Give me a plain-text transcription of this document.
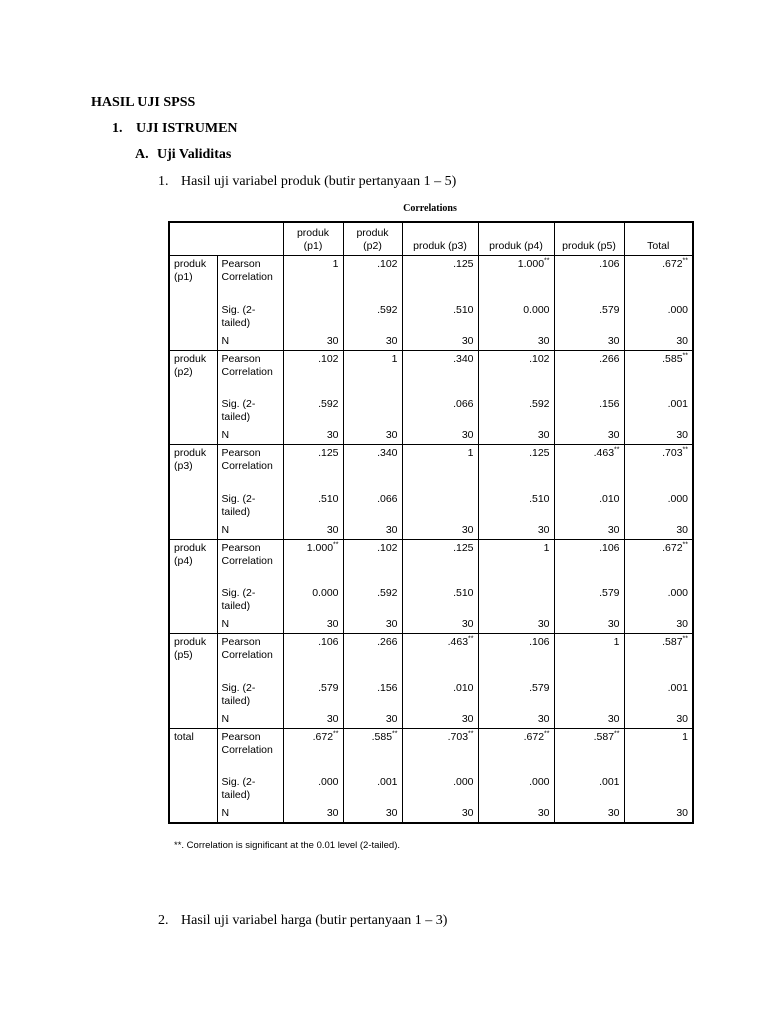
HASIL UJI SPSS
1. UJI ISTRUMEN
A. Uji Validitas
1. Hasil uji variabel produk (butir pertanyaan 1 – 5)
Correlations
		produk (p1)	produk (p2)	produk (p3)	produk (p4)	produk (p5)	Total
produk (p1)	Pearson Correlation	1	.102	.125	1.000**	.106	.672**
	Sig. (2-tailed)		.592	.510	0.000	.579	.000
	N	30	30	30	30	30	30
produk (p2)	Pearson Correlation	.102	1	.340	.102	.266	.585**
	Sig. (2-tailed)	.592		.066	.592	.156	.001
	N	30	30	30	30	30	30
produk (p3)	Pearson Correlation	.125	.340	1	.125	.463**	.703**
	Sig. (2-tailed)	.510	.066		.510	.010	.000
	N	30	30	30	30	30	30
produk (p4)	Pearson Correlation	1.000**	.102	.125	1	.106	.672**
	Sig. (2-tailed)	0.000	.592	.510		.579	.000
	N	30	30	30	30	30	30
produk (p5)	Pearson Correlation	.106	.266	.463**	.106	1	.587**
	Sig. (2-tailed)	.579	.156	.010	.579		.001
	N	30	30	30	30	30	30
total	Pearson Correlation	.672**	.585**	.703**	.672**	.587**	1
	Sig. (2-tailed)	.000	.001	.000	.000	.001	
	N	30	30	30	30	30	30
**. Correlation is significant at the 0.01 level (2-tailed).
2. Hasil uji variabel harga (butir pertanyaan 1 – 3)
